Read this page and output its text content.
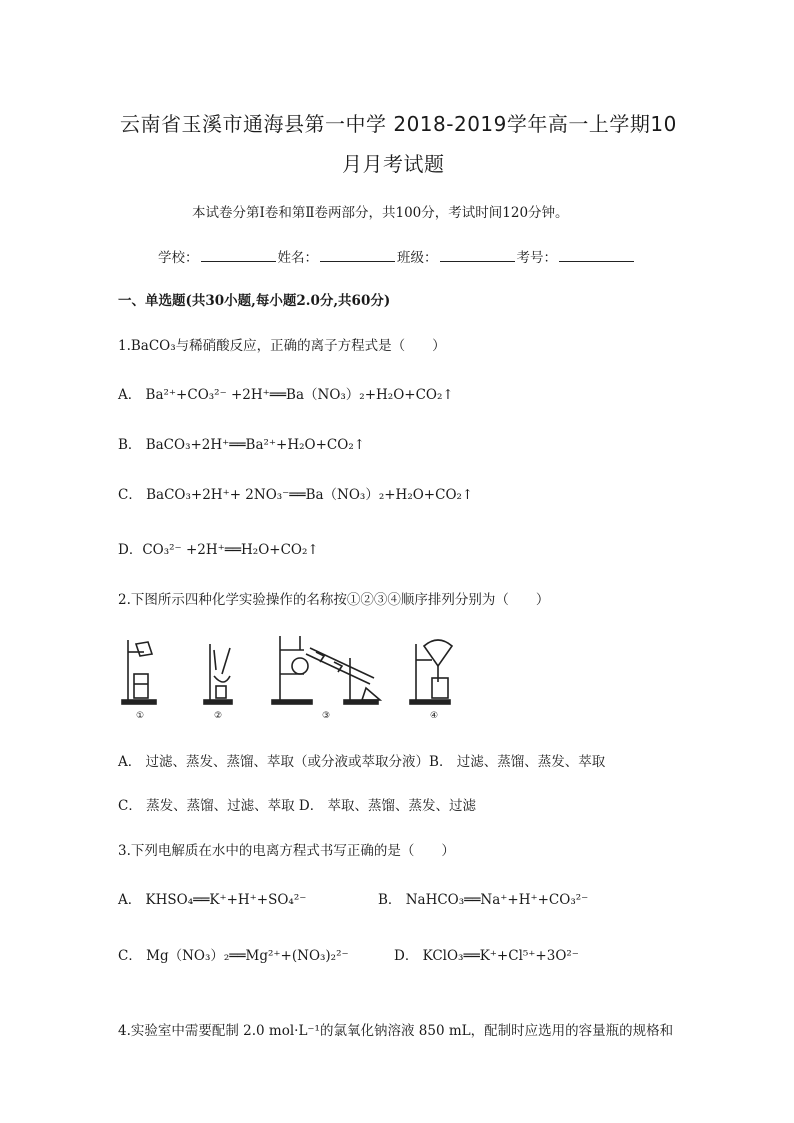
云南省玉溪市通海县第一中学 2018-2019学年高一上学期10
月月考试题
本试卷分第Ⅰ卷和第Ⅱ卷两部分，共100分，考试时间120分钟。
学校：	姓名：	班级：	考号：
一、单选题(共30小题,每小题2.0分,共60分)
1.BaCO₃与稀硝酸反应，正确的离子方程式是（　　）
A． Ba²⁺+CO₃²⁻ +2H⁺══Ba（NO₃）₂+H₂O+CO₂↑
B． BaCO₃+2H⁺══Ba²⁺+H₂O+CO₂↑
C． BaCO₃+2H⁺+ 2NO₃⁻══Ba（NO₃）₂+H₂O+CO₂↑
D．CO₃²⁻ +2H⁺══H₂O+CO₂↑
2.下图所示四种化学实验操作的名称按①②③④顺序排列分别为（　　）
①	②	③	④
A． 过滤、蒸发、蒸馏、萃取（或分液或萃取分液）B． 过滤、蒸馏、蒸发、萃取
C． 蒸发、蒸馏、过滤、萃取 D． 萃取、蒸馏、蒸发、过滤
3.下列电解质在水中的电离方程式书写正确的是（　　）
A． KHSO₄══K⁺+H⁺+SO₄²⁻	B． NaHCO₃══Na⁺+H⁺+CO₃²⁻
C． Mg（NO₃）₂══Mg²⁺+(NO₃)₂²⁻	D． KClO₃══K⁺+Cl⁵⁺+3O²⁻
4.实验室中需要配制 2.0 mol·L⁻¹的氯氧化钠溶液 850 mL，配制时应选用的容量瓶的规格和
